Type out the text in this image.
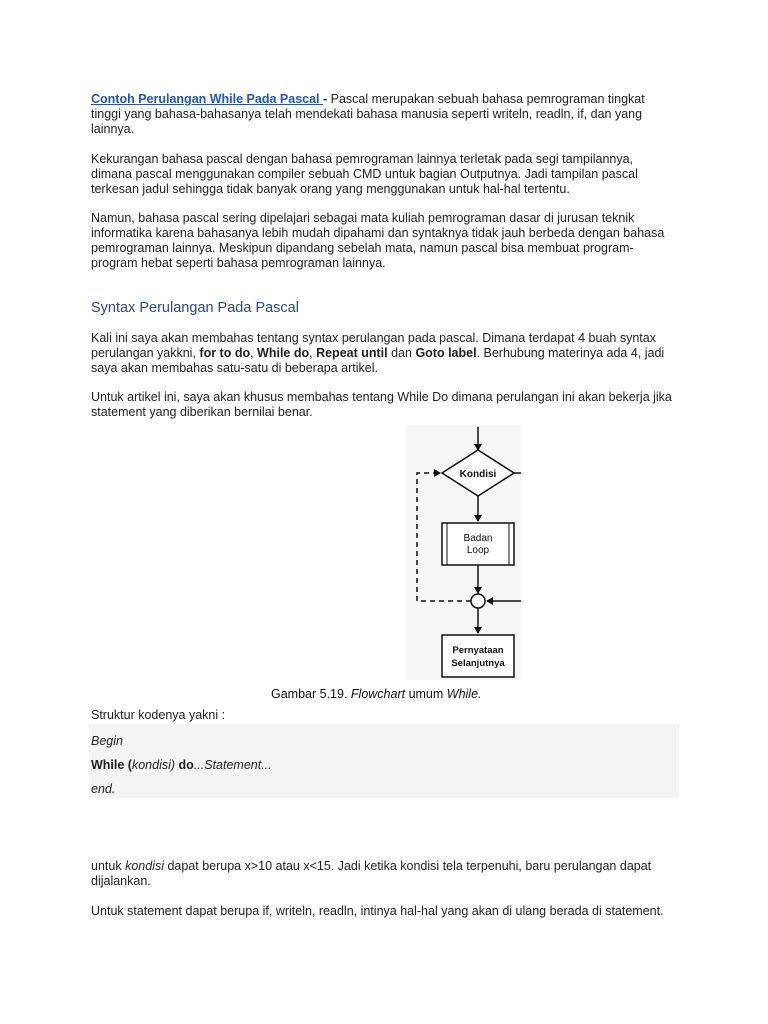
Contoh Perulangan While Pada Pascal - Pascal merupakan sebuah bahasa pemrograman tingkat tinggi yang bahasa-bahasanya telah mendekati bahasa manusia seperti writeln, readln, if, dan yang lainnya.

Kekurangan bahasa pascal dengan bahasa pemrograman lainnya terletak pada segi tampilannya, dimana pascal menggunakan compiler sebuah CMD untuk bagian Outputnya. Jadi tampilan pascal terkesan jadul sehingga tidak banyak orang yang menggunakan untuk hal-hal tertentu.

Namun, bahasa pascal sering dipelajari sebagai mata kuliah pemrograman dasar di jurusan teknik informatika karena bahasanya lebih mudah dipahami dan syntaknya tidak jauh berbeda dengan bahasa pemrograman lainnya. Meskipun dipandang sebelah mata, namun pascal bisa membuat program-program hebat seperti bahasa pemrograman lainnya.

Syntax Perulangan Pada Pascal

Kali ini saya akan membahas tentang syntax perulangan pada pascal. Dimana terdapat 4 buah syntax perulangan yakkni, for to do, While do, Repeat until dan Goto label. Berhubung materinya ada 4, jadi saya akan membahas satu-satu di beberapa artikel.

Untuk artikel ini, saya akan khusus membahas tentang While Do dimana perulangan ini akan bekerja jika statement yang diberikan bernilai benar.

Kondisi
Badan
Loop
Pernyataan
Selanjutnya
Gambar 5.19. Flowchart umum While.

Struktur kodenya yakni :

Begin
While (kondisi) do...Statement...
end.

untuk kondisi dapat berupa x>10 atau x<15. Jadi ketika kondisi tela terpenuhi, baru perulangan dapat dijalankan.

Untuk statement dapat berupa if, writeln, readln, intinya hal-hal yang akan di ulang berada di statement.
